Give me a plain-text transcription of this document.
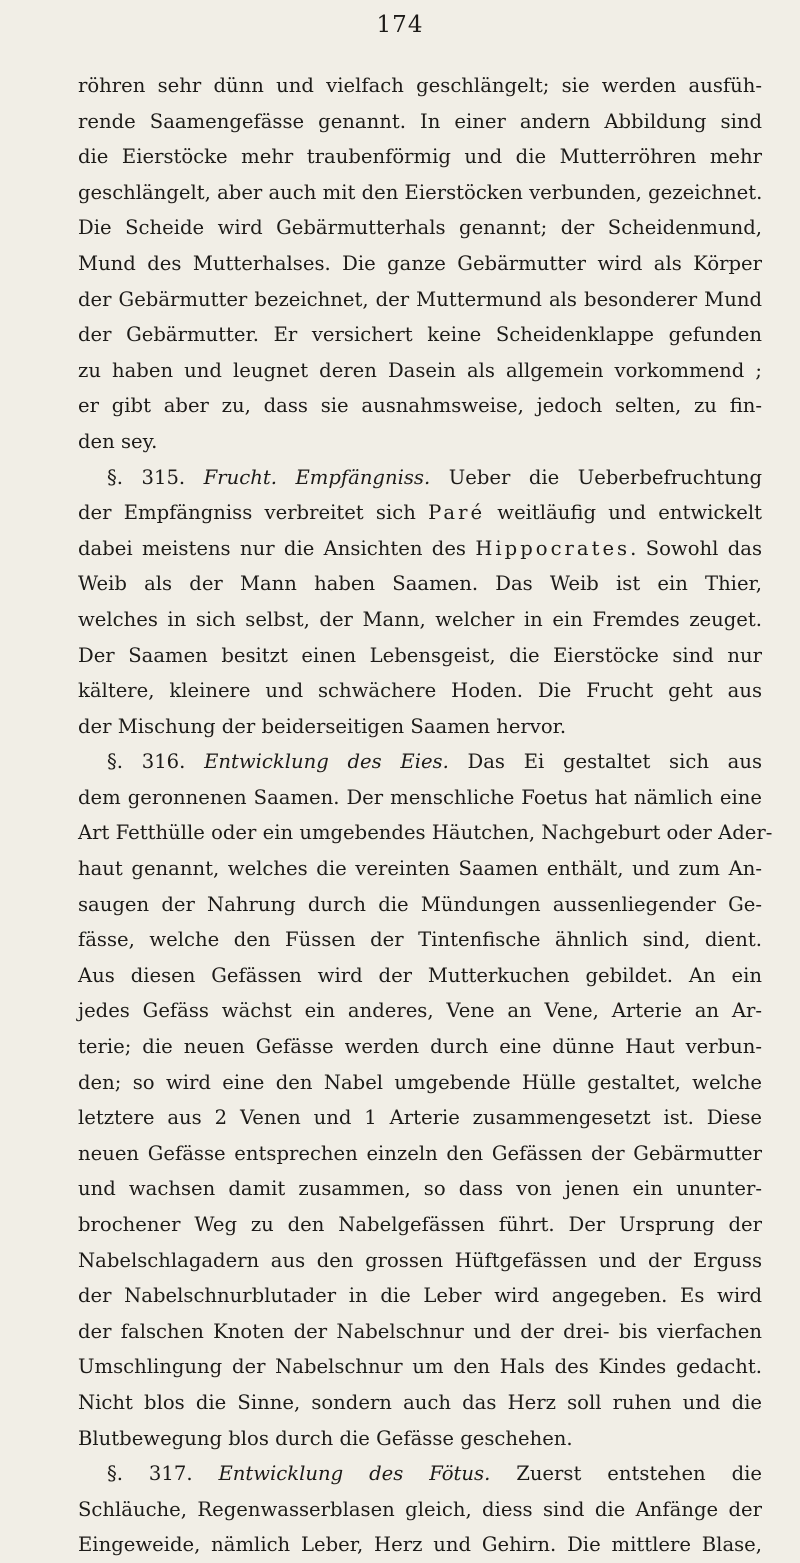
174
röhren sehr dünn und vielfach geschlängelt; sie werden ausfüh-
rende Saamengefässe genannt. In einer andern Abbildung sind
die Eierstöcke mehr traubenförmig und die Mutterröhren mehr
geschlängelt, aber auch mit den Eierstöcken verbunden, gezeichnet.
Die Scheide wird Gebärmutterhals genannt; der Scheidenmund,
Mund des Mutterhalses. Die ganze Gebärmutter wird als Körper
der Gebärmutter bezeichnet, der Muttermund als besonderer Mund
der Gebärmutter. Er versichert keine Scheidenklappe gefunden
zu haben und leugnet deren Dasein als allgemein vorkommend ;
er gibt aber zu, dass sie ausnahmsweise, jedoch selten, zu fin-
den sey.
§. 315. Frucht. Empfängniss. Ueber die Ueberbefruchtung
der Empfängniss verbreitet sich Paré weitläufig und entwickelt
dabei meistens nur die Ansichten des Hippocrates. Sowohl das
Weib als der Mann haben Saamen. Das Weib ist ein Thier,
welches in sich selbst, der Mann, welcher in ein Fremdes zeuget.
Der Saamen besitzt einen Lebensgeist, die Eierstöcke sind nur
kältere, kleinere und schwächere Hoden. Die Frucht geht aus
der Mischung der beiderseitigen Saamen hervor.
§. 316. Entwicklung des Eies. Das Ei gestaltet sich aus
dem geronnenen Saamen. Der menschliche Foetus hat nämlich eine
Art Fetthülle oder ein umgebendes Häutchen, Nachgeburt oder Ader-
haut genannt, welches die vereinten Saamen enthält, und zum An-
saugen der Nahrung durch die Mündungen aussenliegender Ge-
fässe, welche den Füssen der Tintenfische ähnlich sind, dient.
Aus diesen Gefässen wird der Mutterkuchen gebildet. An ein
jedes Gefäss wächst ein anderes, Vene an Vene, Arterie an Ar-
terie; die neuen Gefässe werden durch eine dünne Haut verbun-
den; so wird eine den Nabel umgebende Hülle gestaltet, welche
letztere aus 2 Venen und 1 Arterie zusammengesetzt ist. Diese
neuen Gefässe entsprechen einzeln den Gefässen der Gebärmutter
und wachsen damit zusammen, so dass von jenen ein ununter-
brochener Weg zu den Nabelgefässen führt. Der Ursprung der
Nabelschlagadern aus den grossen Hüftgefässen und der Erguss
der Nabelschnurblutader in die Leber wird angegeben. Es wird
der falschen Knoten der Nabelschnur und der drei- bis vierfachen
Umschlingung der Nabelschnur um den Hals des Kindes gedacht.
Nicht blos die Sinne, sondern auch das Herz soll ruhen und die
Blutbewegung blos durch die Gefässe geschehen.
§. 317. Entwicklung des Fötus. Zuerst entstehen die
Schläuche, Regenwasserblasen gleich, diess sind die Anfänge der
Eingeweide, nämlich Leber, Herz und Gehirn. Die mittlere Blase,
